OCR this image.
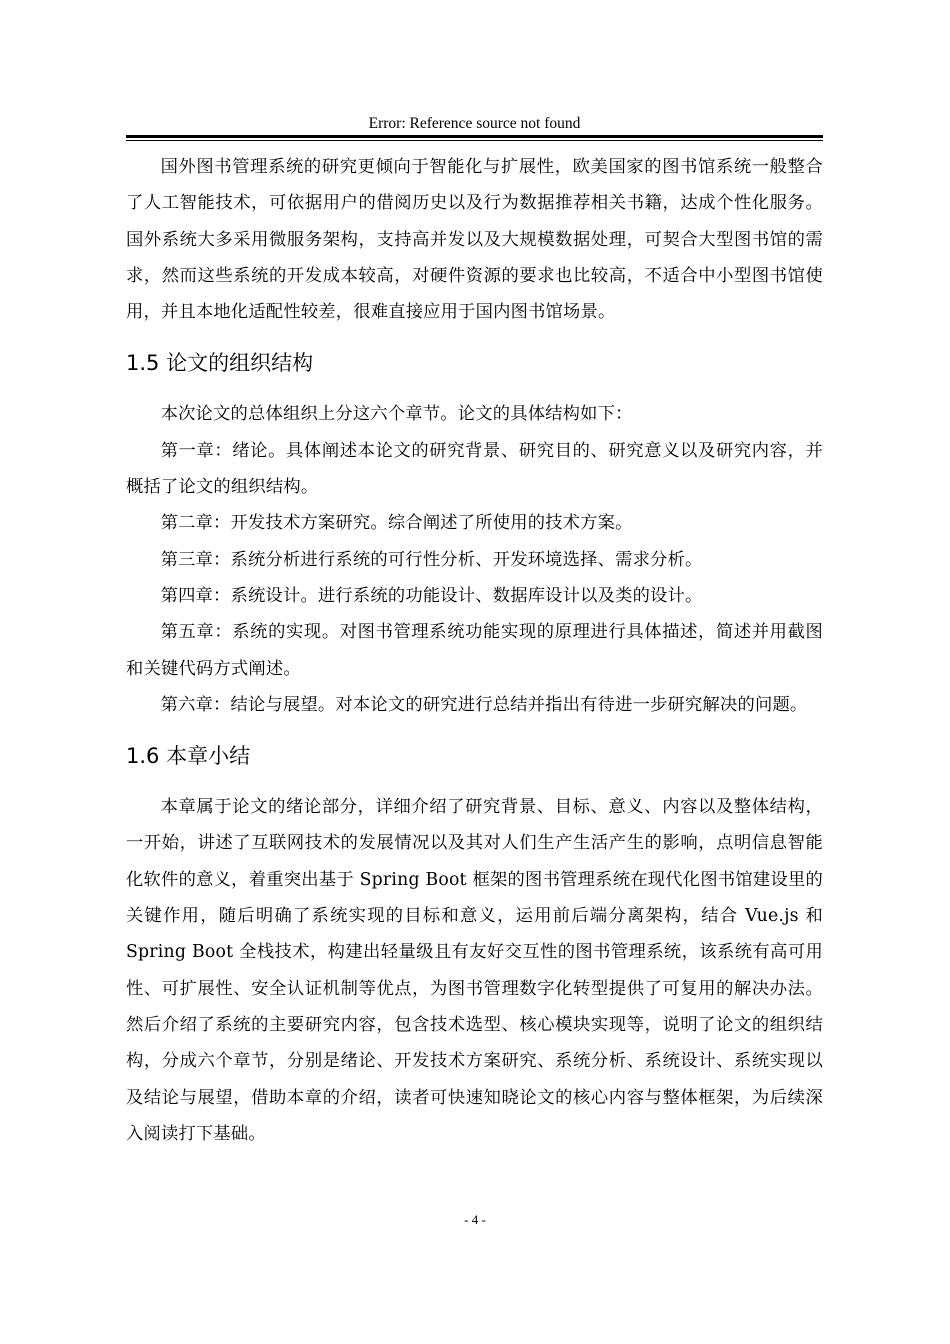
Error: Reference source not found

国外图书管理系统的研究更倾向于智能化与扩展性，欧美国家的图书馆系统一般整合了人工智能技术，可依据用户的借阅历史以及行为数据推荐相关书籍，达成个性化服务。国外系统大多采用微服务架构，支持高并发以及大规模数据处理，可契合大型图书馆的需求，然而这些系统的开发成本较高，对硬件资源的要求也比较高，不适合中小型图书馆使用，并且本地化适配性较差，很难直接应用于国内图书馆场景。

1.5 论文的组织结构

本次论文的总体组织上分这六个章节。论文的具体结构如下：

第一章：绪论。具体阐述本论文的研究背景、研究目的、研究意义以及研究内容，并概括了论文的组织结构。

第二章：开发技术方案研究。综合阐述了所使用的技术方案。

第三章：系统分析进行系统的可行性分析、开发环境选择、需求分析。

第四章：系统设计。进行系统的功能设计、数据库设计以及类的设计。

第五章：系统的实现。对图书管理系统功能实现的原理进行具体描述，简述并用截图和关键代码方式阐述。

第六章：结论与展望。对本论文的研究进行总结并指出有待进一步研究解决的问题。

1.6 本章小结

本章属于论文的绪论部分，详细介绍了研究背景、目标、意义、内容以及整体结构，一开始，讲述了互联网技术的发展情况以及其对人们生产生活产生的影响，点明信息智能化软件的意义，着重突出基于 Spring Boot 框架的图书管理系统在现代化图书馆建设里的关键作用，随后明确了系统实现的目标和意义，运用前后端分离架构，结合 Vue.js 和 Spring Boot 全栈技术，构建出轻量级且有友好交互性的图书管理系统，该系统有高可用性、可扩展性、安全认证机制等优点，为图书管理数字化转型提供了可复用的解决办法。然后介绍了系统的主要研究内容，包含技术选型、核心模块实现等，说明了论文的组织结构，分成六个章节，分别是绪论、开发技术方案研究、系统分析、系统设计、系统实现以及结论与展望，借助本章的介绍，读者可快速知晓论文的核心内容与整体框架，为后续深入阅读打下基础。

- 4 -
